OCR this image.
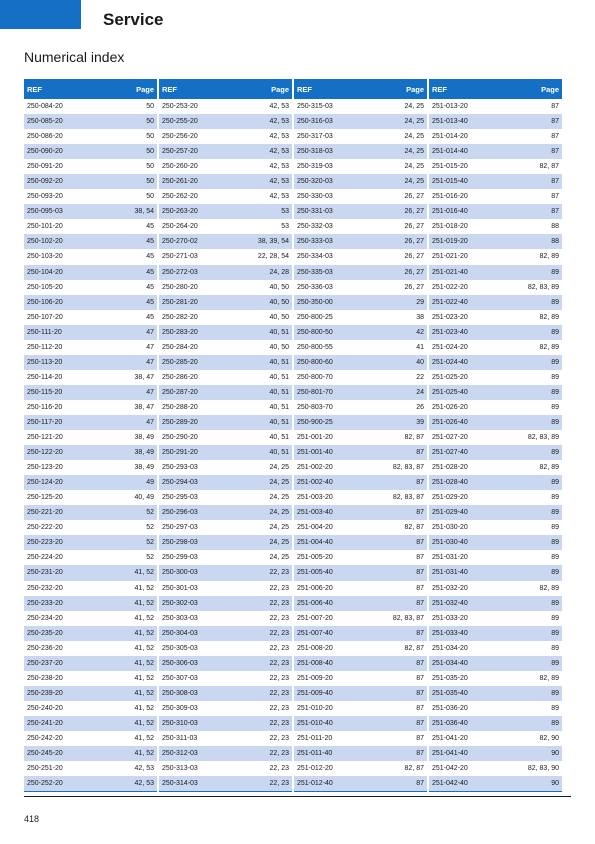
Service
Numerical index
REF	Page
250-084-20	50
250-085-20	50
250-086-20	50
250-090-20	50
250-091-20	50
250-092-20	50
250-093-20	50
250-095-03	38, 54
250-101-20	45
250-102-20	45
250-103-20	45
250-104-20	45
250-105-20	45
250-106-20	45
250-107-20	45
250-111-20	47
250-112-20	47
250-113-20	47
250-114-20	38, 47
250-115-20	47
250-116-20	38, 47
250-117-20	47
250-121-20	38, 49
250-122-20	38, 49
250-123-20	38, 49
250-124-20	49
250-125-20	40, 49
250-221-20	52
250-222-20	52
250-223-20	52
250-224-20	52
250-231-20	41, 52
250-232-20	41, 52
250-233-20	41, 52
250-234-20	41, 52
250-235-20	41, 52
250-236-20	41, 52
250-237-20	41, 52
250-238-20	41, 52
250-239-20	41, 52
250-240-20	41, 52
250-241-20	41, 52
250-242-20	41, 52
250-245-20	41, 52
250-251-20	42, 53
250-252-20	42, 53
REF	Page
250-253-20	42, 53
250-255-20	42, 53
250-256-20	42, 53
250-257-20	42, 53
250-260-20	42, 53
250-261-20	42, 53
250-262-20	42, 53
250-263-20	53
250-264-20	53
250-270-02	38, 39, 54
250-271-03	22, 28, 54
250-272-03	24, 28
250-280-20	40, 50
250-281-20	40, 50
250-282-20	40, 50
250-283-20	40, 51
250-284-20	40, 50
250-285-20	40, 51
250-286-20	40, 51
250-287-20	40, 51
250-288-20	40, 51
250-289-20	40, 51
250-290-20	40, 51
250-291-20	40, 51
250-293-03	24, 25
250-294-03	24, 25
250-295-03	24, 25
250-296-03	24, 25
250-297-03	24, 25
250-298-03	24, 25
250-299-03	24, 25
250-300-03	22, 23
250-301-03	22, 23
250-302-03	22, 23
250-303-03	22, 23
250-304-03	22, 23
250-305-03	22, 23
250-306-03	22, 23
250-307-03	22, 23
250-308-03	22, 23
250-309-03	22, 23
250-310-03	22, 23
250-311-03	22, 23
250-312-03	22, 23
250-313-03	22, 23
250-314-03	22, 23
REF	Page
250-315-03	24, 25
250-316-03	24, 25
250-317-03	24, 25
250-318-03	24, 25
250-319-03	24, 25
250-320-03	24, 25
250-330-03	26, 27
250-331-03	26, 27
250-332-03	26, 27
250-333-03	26, 27
250-334-03	26, 27
250-335-03	26, 27
250-336-03	26, 27
250-350-00	29
250-800-25	38
250-800-50	42
250-800-55	41
250-800-60	40
250-800-70	22
250-801-70	24
250-803-70	26
250-900-25	39
251-001-20	82, 87
251-001-40	87
251-002-20	82, 83, 87
251-002-40	87
251-003-20	82, 83, 87
251-003-40	87
251-004-20	82, 87
251-004-40	87
251-005-20	87
251-005-40	87
251-006-20	87
251-006-40	87
251-007-20	82, 83, 87
251-007-40	87
251-008-20	82, 87
251-008-40	87
251-009-20	87
251-009-40	87
251-010-20	87
251-010-40	87
251-011-20	87
251-011-40	87
251-012-20	82, 87
251-012-40	87
REF	Page
251-013-20	87
251-013-40	87
251-014-20	87
251-014-40	87
251-015-20	82, 87
251-015-40	87
251-016-20	87
251-016-40	87
251-018-20	88
251-019-20	88
251-021-20	82, 89
251-021-40	89
251-022-20	82, 83, 89
251-022-40	89
251-023-20	82, 89
251-023-40	89
251-024-20	82, 89
251-024-40	89
251-025-20	89
251-025-40	89
251-026-20	89
251-026-40	89
251-027-20	82, 83, 89
251-027-40	89
251-028-20	82, 89
251-028-40	89
251-029-20	89
251-029-40	89
251-030-20	89
251-030-40	89
251-031-20	89
251-031-40	89
251-032-20	82, 89
251-032-40	89
251-033-20	89
251-033-40	89
251-034-20	89
251-034-40	89
251-035-20	82, 89
251-035-40	89
251-036-20	89
251-036-40	89
251-041-20	82, 90
251-041-40	90
251-042-20	82, 83, 90
251-042-40	90
418
